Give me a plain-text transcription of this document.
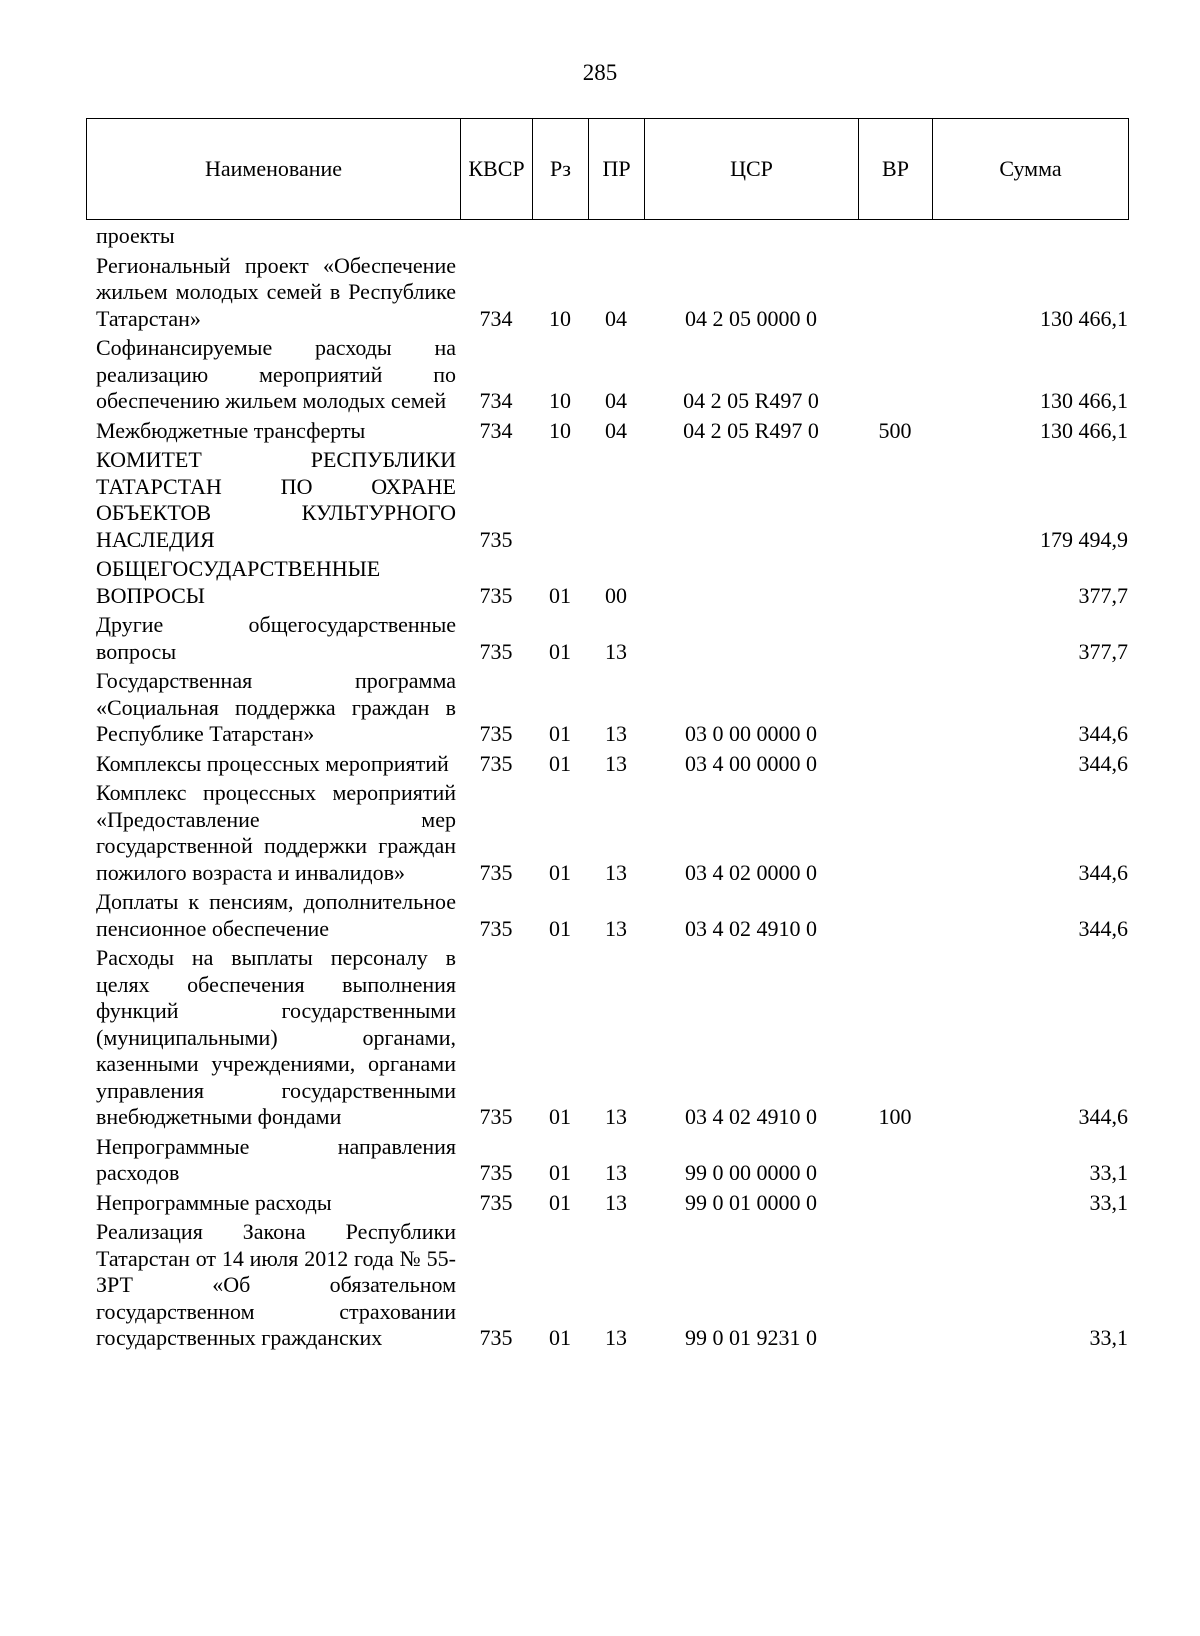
285
Наименование	КВСР	Рз	ПР	ЦСР	ВР	Сумма
проекты						
Региональный проект «Обеспечение жильем молодых семей в Республике Татарстан»	734	10	04	04 2 05 0000 0		130 466,1
Софинансируемые расходы на реализацию мероприятий по обеспечению жильем молодых семей	734	10	04	04 2 05 R497 0		130 466,1
Межбюджетные трансферты	734	10	04	04 2 05 R497 0	500	130 466,1
КОМИТЕТ РЕСПУБЛИКИ ТАТАРСТАН ПО ОХРАНЕ ОБЪЕКТОВ КУЛЬТУРНОГО НАСЛЕДИЯ	735					179 494,9
ОБЩЕГОСУДАРСТВЕННЫЕ ВОПРОСЫ	735	01	00			377,7
Другие общегосударственные вопросы	735	01	13			377,7
Государственная программа «Социальная поддержка граждан в Республике Татарстан»	735	01	13	03 0 00 0000 0		344,6
Комплексы процессных мероприятий	735	01	13	03 4 00 0000 0		344,6
Комплекс процессных мероприятий «Предоставление мер государственной поддержки граждан пожилого возраста и инвалидов»	735	01	13	03 4 02 0000 0		344,6
Доплаты к пенсиям, дополнительное пенсионное обеспечение	735	01	13	03 4 02 4910 0		344,6
Расходы на выплаты персоналу в целях обеспечения выполнения функций государственными (муниципальными) органами, казенными учреждениями, органами управления государственными внебюджетными фондами	735	01	13	03 4 02 4910 0	100	344,6
Непрограммные направления расходов	735	01	13	99 0 00 0000 0		33,1
Непрограммные расходы	735	01	13	99 0 01 0000 0		33,1
Реализация Закона Республики Татарстан от 14 июля 2012 года № 55-ЗРТ «Об обязательном государственном страховании государственных гражданских	735	01	13	99 0 01 9231 0		33,1
